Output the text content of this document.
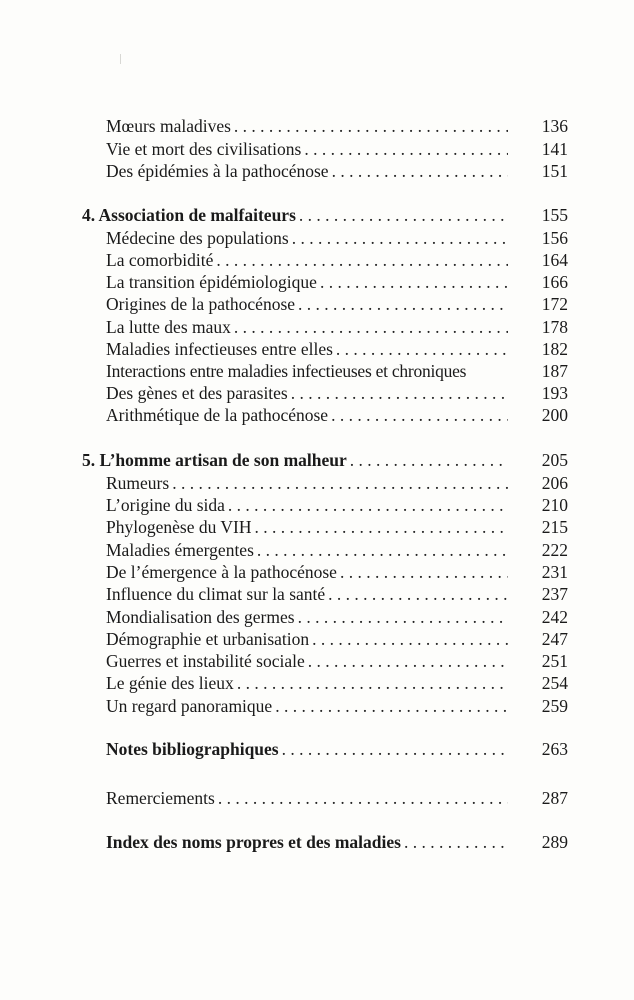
Mœurs maladives . . .	136
Vie et mort des civilisations . . .	141
Des épidémies à la pathocénose . . .	151
4. Association de malfaiteurs . . .	155
Médecine des populations . . .	156
La comorbidité . . .	164
La transition épidémiologique . . .	166
Origines de la pathocénose . . .	172
La lutte des maux . . .	178
Maladies infectieuses entre elles . . .	182
Interactions entre maladies infectieuses et chroniques	187
Des gènes et des parasites . . .	193
Arithmétique de la pathocénose . . .	200
5. L’homme artisan de son malheur . . .	205
Rumeurs . . .	206
L’origine du sida . . .	210
Phylogenèse du VIH . . .	215
Maladies émergentes . . .	222
De l’émergence à la pathocénose . . .	231
Influence du climat sur la santé . . .	237
Mondialisation des germes . . .	242
Démographie et urbanisation . . .	247
Guerres et instabilité sociale . . .	251
Le génie des lieux . . .	254
Un regard panoramique . . .	259
Notes bibliographiques . . .	263
Remerciements . . .	287
Index des noms propres et des maladies . . .	289
